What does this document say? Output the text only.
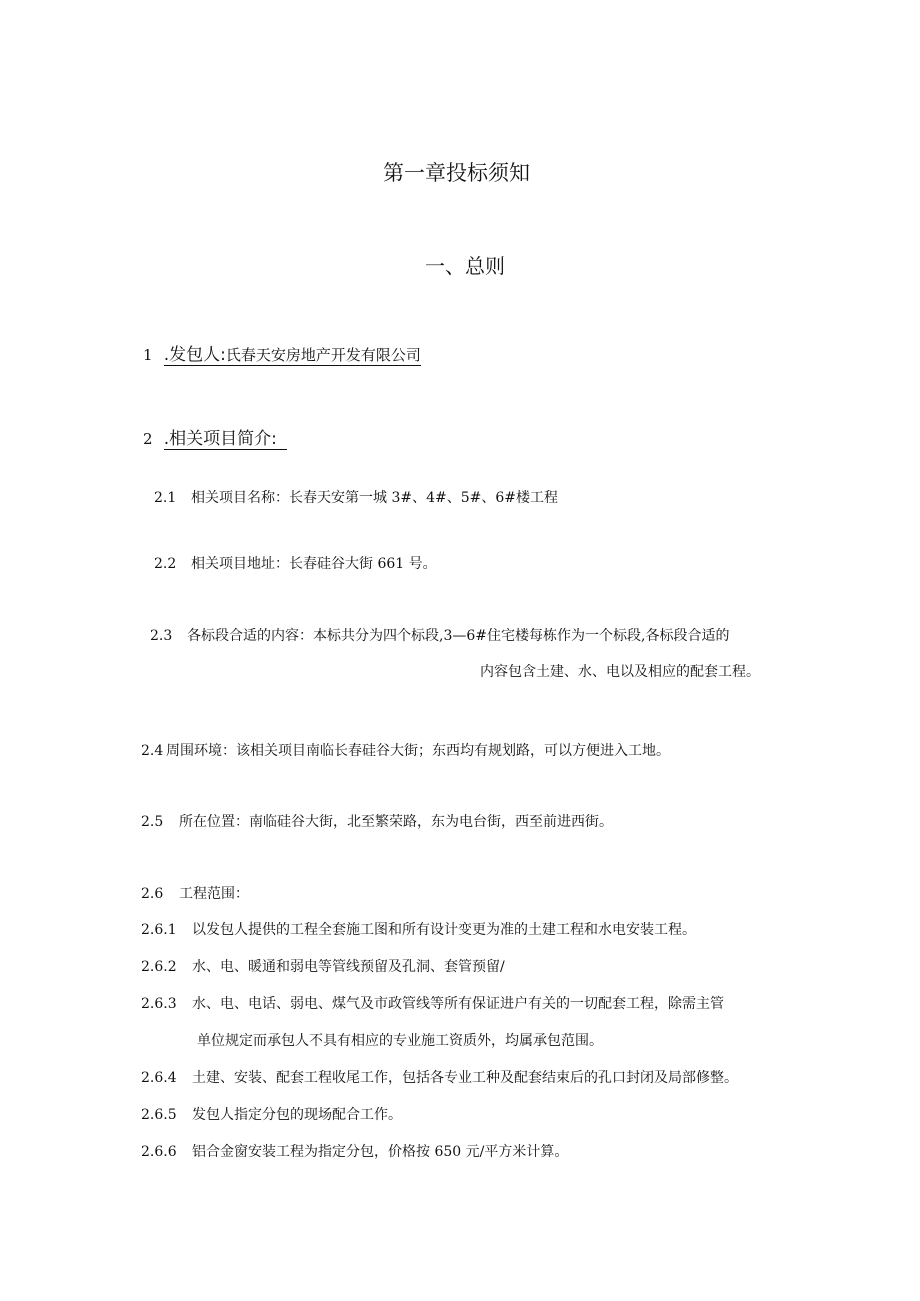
第一章投标须知
一、总则
1 .发包人:氏春天安房地产开发有限公司
2 .相关项目简介:
2.1 相关项目名称：长春天安第一城 3#、4#、5#、6#楼工程
2.2 相关项目地址：长春硅谷大街 661 号。
2.3 各标段合适的内容：本标共分为四个标段,3—6#住宅楼每栋作为一个标段,各标段合适的
内容包含土建、水、电以及相应的配套工程。
2.4 周围环境：该相关项目南临长春硅谷大街；东西均有规划路，可以方便进入工地。
2.5 所在位置：南临硅谷大街，北至繁荣路，东为电台街，西至前进西街。
2.6 工程范围：
2.6.1 以发包人提供的工程全套施工图和所有设计变更为准的土建工程和水电安装工程。
2.6.2 水、电、暖通和弱电等管线预留及孔洞、套管预留/
2.6.3 水、电、电话、弱电、煤气及市政管线等所有保证进户有关的一切配套工程，除需主管
单位规定而承包人不具有相应的专业施工资质外，均属承包范围。
2.6.4 土建、安装、配套工程收尾工作，包括各专业工种及配套结束后的孔口封闭及局部修整。
2.6.5 发包人指定分包的现场配合工作。
2.6.6 铝合金窗安装工程为指定分包，价格按 650 元/平方米计算。
